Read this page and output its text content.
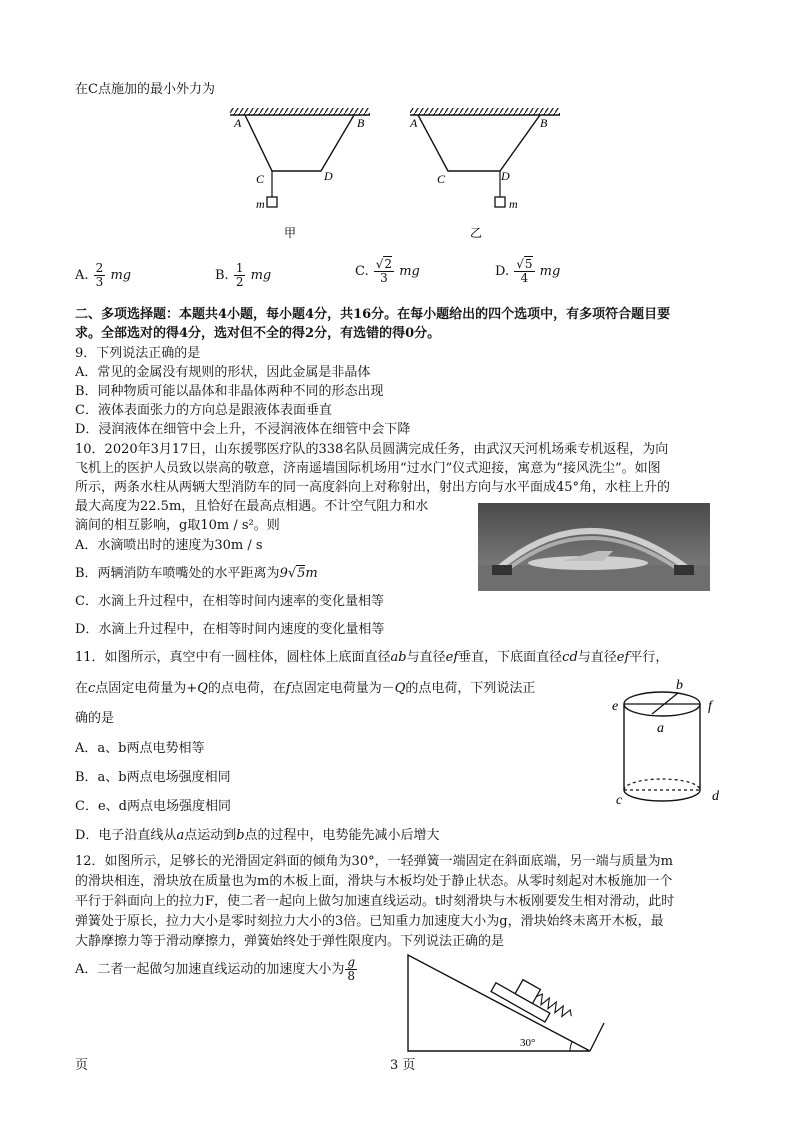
在C点施加的最小外力为
A	B
C	D
m
甲
A	B
C	D
m
乙
A. $\frac{2}{3}$ mg	B. $\frac{1}{2}$ mg	C. $\frac{√2}{3}$ mg	D. $\frac{√5}{4}$ mg
二、多项选择题：本题共4小题，每小题4分，共16分。在每小题给出的四个选项中，有多项符合题目要
求。全部选对的得4分，选对但不全的得2分，有选错的得0分。
9．下列说法正确的是
A．常见的金属没有规则的形状，因此金属是非晶体
B．同种物质可能以晶体和非晶体两种不同的形态出现
C．液体表面张力的方向总是跟液体表面垂直
D．浸润液体在细管中会上升，不浸润液体在细管中会下降
10．2020年3月17日，山东援鄂医疗队的338名队员圆满完成任务，由武汉天河机场乘专机返程，为向
飞机上的医护人员致以崇高的敬意，济南遥墙国际机场用“过水门”仪式迎接，寓意为“接风洗尘”。如图
所示，两条水柱从两辆大型消防车的同一高度斜向上对称射出，射出方向与水平面成45°角，水柱上升的
最大高度为22.5m，且恰好在最高点相遇。不计空气阻力和水
滴间的相互影响，g取10m / s²。则
A．水滴喷出时的速度为30m / s
B．两辆消防车喷嘴处的水平距离为9√5m
C．水滴上升过程中，在相等时间内速率的变化量相等
D．水滴上升过程中，在相等时间内速度的变化量相等
11．如图所示，真空中有一圆柱体，圆柱体上底面直径ab与直径ef垂直，下底面直径cd与直径ef平行，
在c点固定电荷量为+Q的点电荷，在f点固定电荷量为－Q的点电荷，下列说法正
确的是
A．a、b两点电势相等
B．a、b两点电场强度相同
C．e、d两点电场强度相同
D．电子沿直线从a点运动到b点的过程中，电势能先减小后增大
b
e	f
a
c	d
12．如图所示，足够长的光滑固定斜面的倾角为30°，一轻弹簧一端固定在斜面底端，另一端与质量为m
的滑块相连，滑块放在质量也为m的木板上面，滑块与木板均处于静止状态。从零时刻起对木板施加一个
平行于斜面向上的拉力F，使二者一起向上做匀加速直线运动。t时刻滑块与木板刚要发生相对滑动，此时
弹簧处于原长，拉力大小是零时刻拉力大小的3倍。已知重力加速度大小为g，滑块始终未离开木板，最
大静摩擦力等于滑动摩擦力，弹簧始终处于弹性限度内。下列说法正确的是
A．二者一起做匀加速直线运动的加速度大小为 $\frac{g}{8}$
30°
页	3 页
